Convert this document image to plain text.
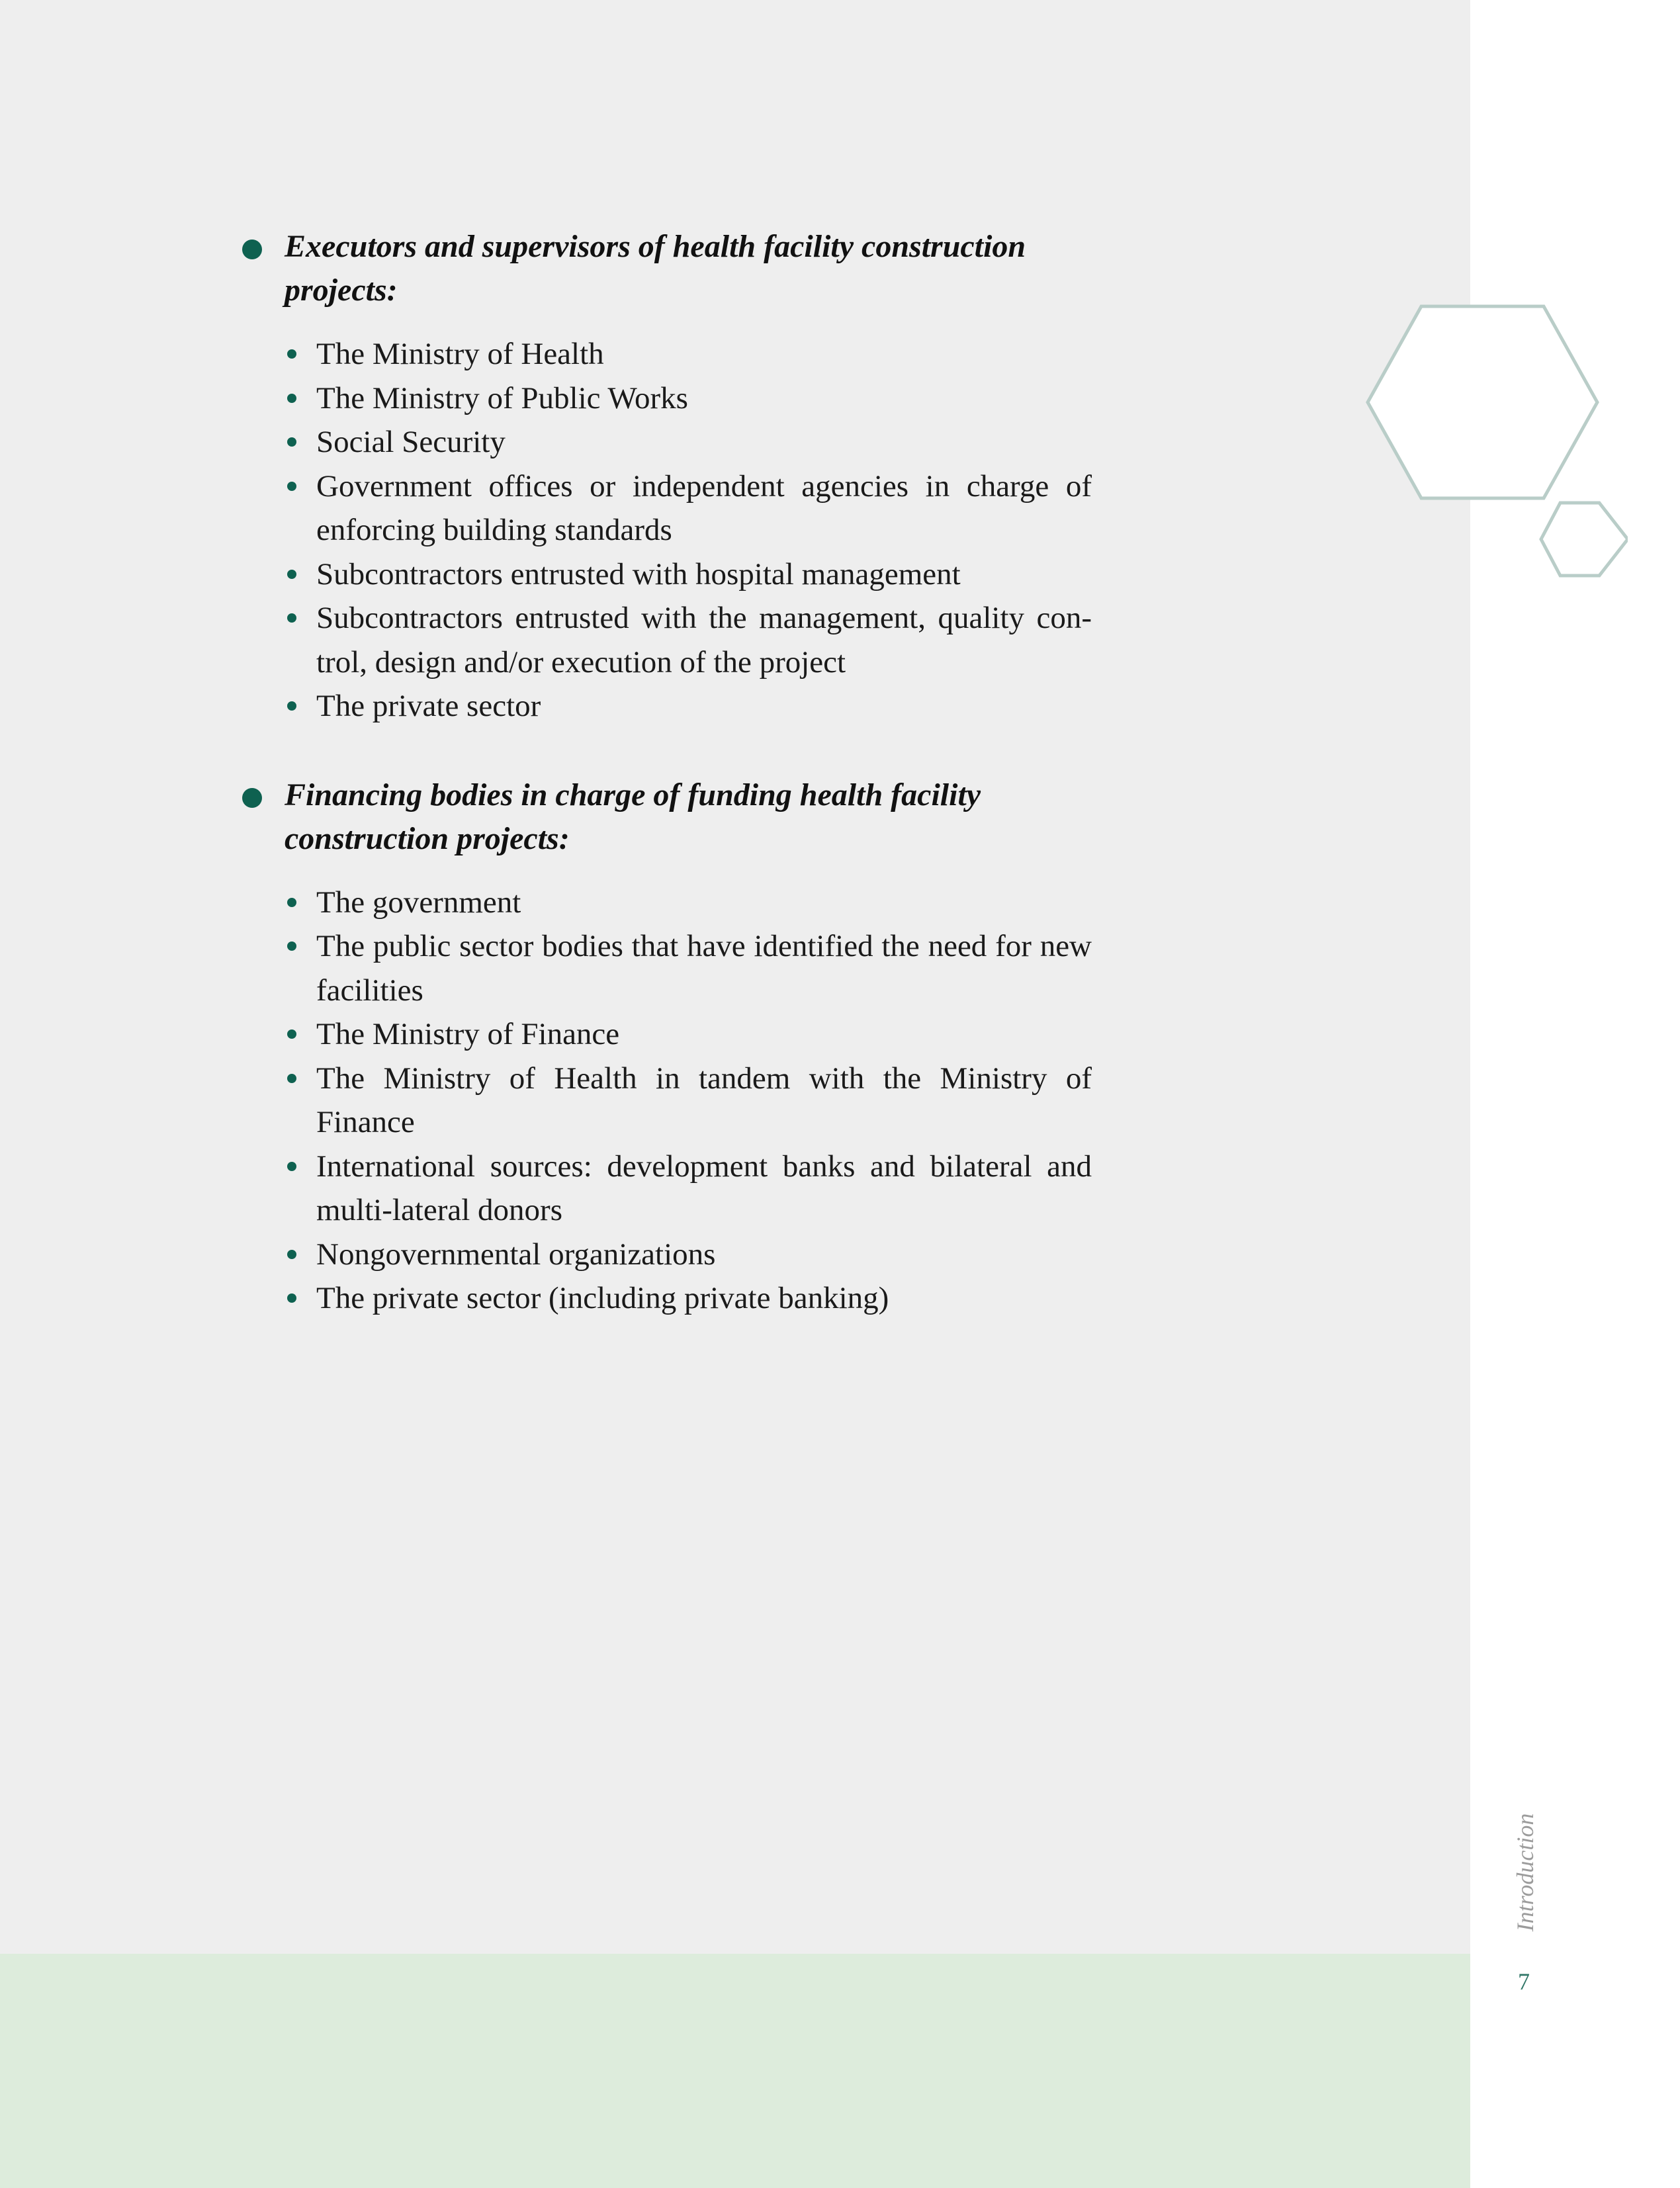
Executors and supervisors of health facility construction projects:
The Ministry of Health
The Ministry of Public Works
Social Security
Government offices or independent agencies in charge of enforcing building standards
Subcontractors entrusted with hospital management
Subcontractors entrusted with the management, quality con- trol, design and/or execution of the project
The private sector
Financing bodies in charge of funding health facility construction projects:
The government
The public sector bodies that have identified the need for new facilities
The Ministry of Finance
The Ministry of Health in tandem with the Ministry of Finance
International sources: development banks and bilateral and multi-lateral donors
Nongovernmental organizations
The private sector (including private banking)
Introduction
7
